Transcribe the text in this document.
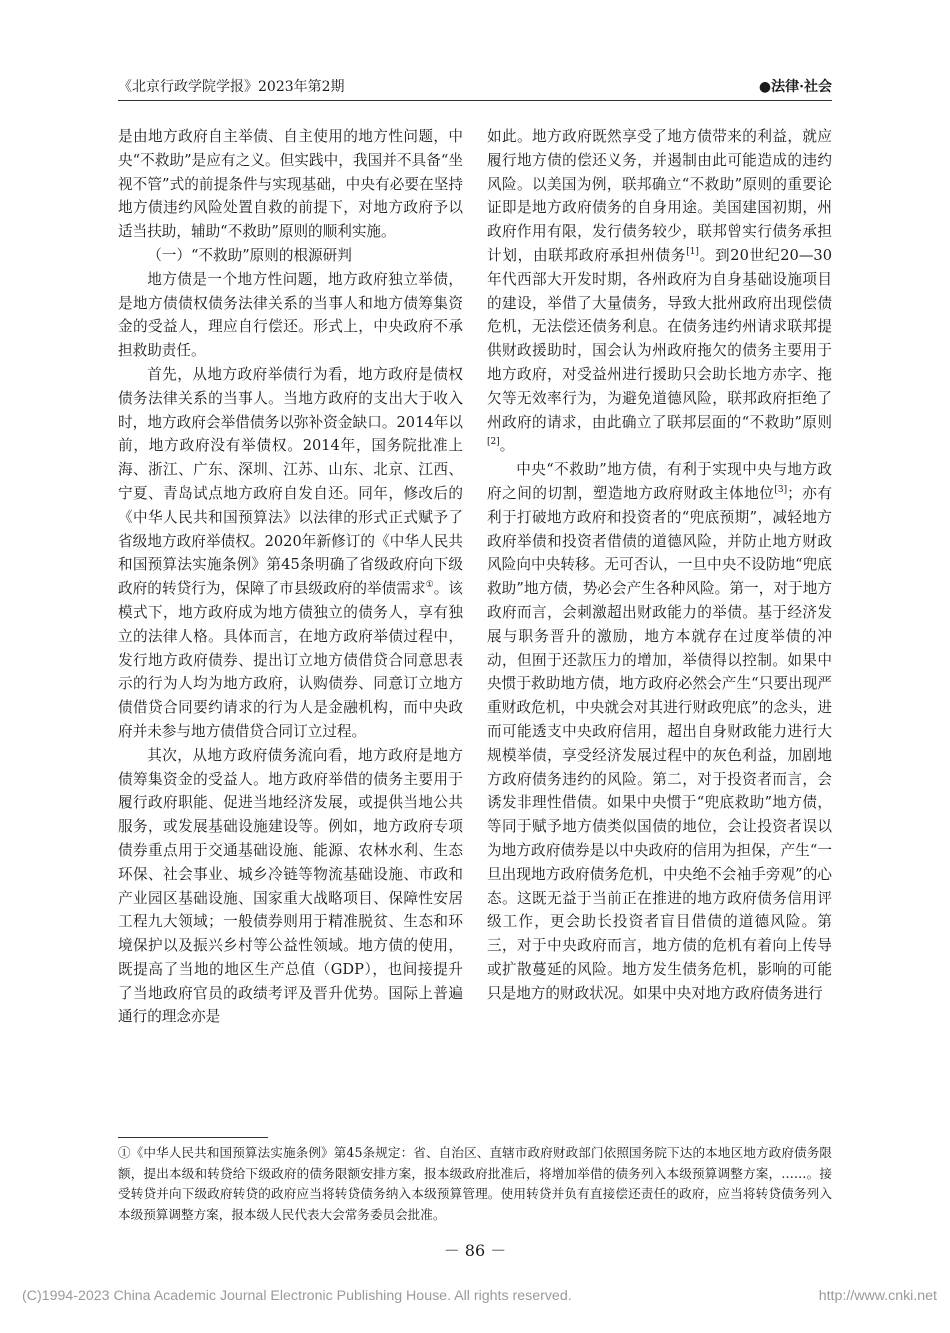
《北京行政学院学报》2023年第2期	●法律·社会

是由地方政府自主举债、自主使用的地方性问题，中央“不救助”是应有之义。但实践中，我国并不具备“坐视不管”式的前提条件与实现基础，中央有必要在坚持地方债违约风险处置自救的前提下，对地方政府予以适当扶助，辅助“不救助”原则的顺利实施。

（一）“不救助”原则的根源研判

地方债是一个地方性问题，地方政府独立举债，是地方债债权债务法律关系的当事人和地方债筹集资金的受益人，理应自行偿还。形式上，中央政府不承担救助责任。

首先，从地方政府举债行为看，地方政府是债权债务法律关系的当事人。当地方政府的支出大于收入时，地方政府会举借债务以弥补资金缺口。2014年以前，地方政府没有举债权。2014年，国务院批准上海、浙江、广东、深圳、江苏、山东、北京、江西、宁夏、青岛试点地方政府自发自还。同年，修改后的《中华人民共和国预算法》以法律的形式正式赋予了省级地方政府举债权。2020年新修订的《中华人民共和国预算法实施条例》第45条明确了省级政府向下级政府的转贷行为，保障了市县级政府的举债需求①。该模式下，地方政府成为地方债独立的债务人，享有独立的法律人格。具体而言，在地方政府举债过程中，发行地方政府债券、提出订立地方债借贷合同意思表示的行为人均为地方政府，认购债券、同意订立地方债借贷合同要约请求的行为人是金融机构，而中央政府并未参与地方债借贷合同订立过程。

其次，从地方政府债务流向看，地方政府是地方债筹集资金的受益人。地方政府举借的债务主要用于履行政府职能、促进当地经济发展，或提供当地公共服务，或发展基础设施建设等。例如，地方政府专项债券重点用于交通基础设施、能源、农林水利、生态环保、社会事业、城乡冷链等物流基础设施、市政和产业园区基础设施、国家重大战略项目、保障性安居工程九大领域；一般债券则用于精准脱贫、生态和环境保护以及振兴乡村等公益性领域。地方债的使用，既提高了当地的地区生产总值（GDP），也间接提升了当地政府官员的政绩考评及晋升优势。国际上普遍通行的理念亦是

如此。地方政府既然享受了地方债带来的利益，就应履行地方债的偿还义务，并遏制由此可能造成的违约风险。以美国为例，联邦确立“不救助”原则的重要论证即是地方政府债务的自身用途。美国建国初期，州政府作用有限，发行债务较少，联邦曾实行债务承担计划，由联邦政府承担州债务[1]。到20世纪20—30年代西部大开发时期，各州政府为自身基础设施项目的建设，举借了大量债务，导致大批州政府出现偿债危机，无法偿还债务利息。在债务违约州请求联邦提供财政援助时，国会认为州政府拖欠的债务主要用于地方政府，对受益州进行援助只会助长地方赤字、拖欠等无效率行为，为避免道德风险，联邦政府拒绝了州政府的请求，由此确立了联邦层面的“不救助”原则[2]。

中央“不救助”地方债，有利于实现中央与地方政府之间的切割，塑造地方政府财政主体地位[3]；亦有利于打破地方政府和投资者的“兜底预期”，减轻地方政府举债和投资者借债的道德风险，并防止地方财政风险向中央转移。无可否认，一旦中央不设防地“兜底救助”地方债，势必会产生各种风险。第一，对于地方政府而言，会刺激超出财政能力的举债。基于经济发展与职务晋升的激励，地方本就存在过度举债的冲动，但囿于还款压力的增加，举债得以控制。如果中央惯于救助地方债，地方政府必然会产生“只要出现严重财政危机，中央就会对其进行财政兜底”的念头，进而可能透支中央政府信用，超出自身财政能力进行大规模举债，享受经济发展过程中的灰色利益，加剧地方政府债务违约的风险。第二，对于投资者而言，会诱发非理性借债。如果中央惯于“兜底救助”地方债，等同于赋予地方债类似国债的地位，会让投资者误以为地方政府债券是以中央政府的信用为担保，产生“一旦出现地方政府债务危机，中央绝不会袖手旁观”的心态。这既无益于当前正在推进的地方政府债务信用评级工作，更会助长投资者盲目借债的道德风险。第三，对于中央政府而言，地方债的危机有着向上传导或扩散蔓延的风险。地方发生债务危机，影响的可能只是地方的财政状况。如果中央对地方政府债务进行

①《中华人民共和国预算法实施条例》第45条规定：省、自治区、直辖市政府财政部门依照国务院下达的本地区地方政府债务限额，提出本级和转贷给下级政府的债务限额安排方案，报本级政府批准后，将增加举借的债务列入本级预算调整方案，……。接受转贷并向下级政府转贷的政府应当将转贷债务纳入本级预算管理。使用转贷并负有直接偿还责任的政府，应当将转贷债务列入本级预算调整方案，报本级人民代表大会常务委员会批准。

－ 86 －
(C)1994-2023 China Academic Journal Electronic Publishing House. All rights reserved.	http://www.cnki.net
